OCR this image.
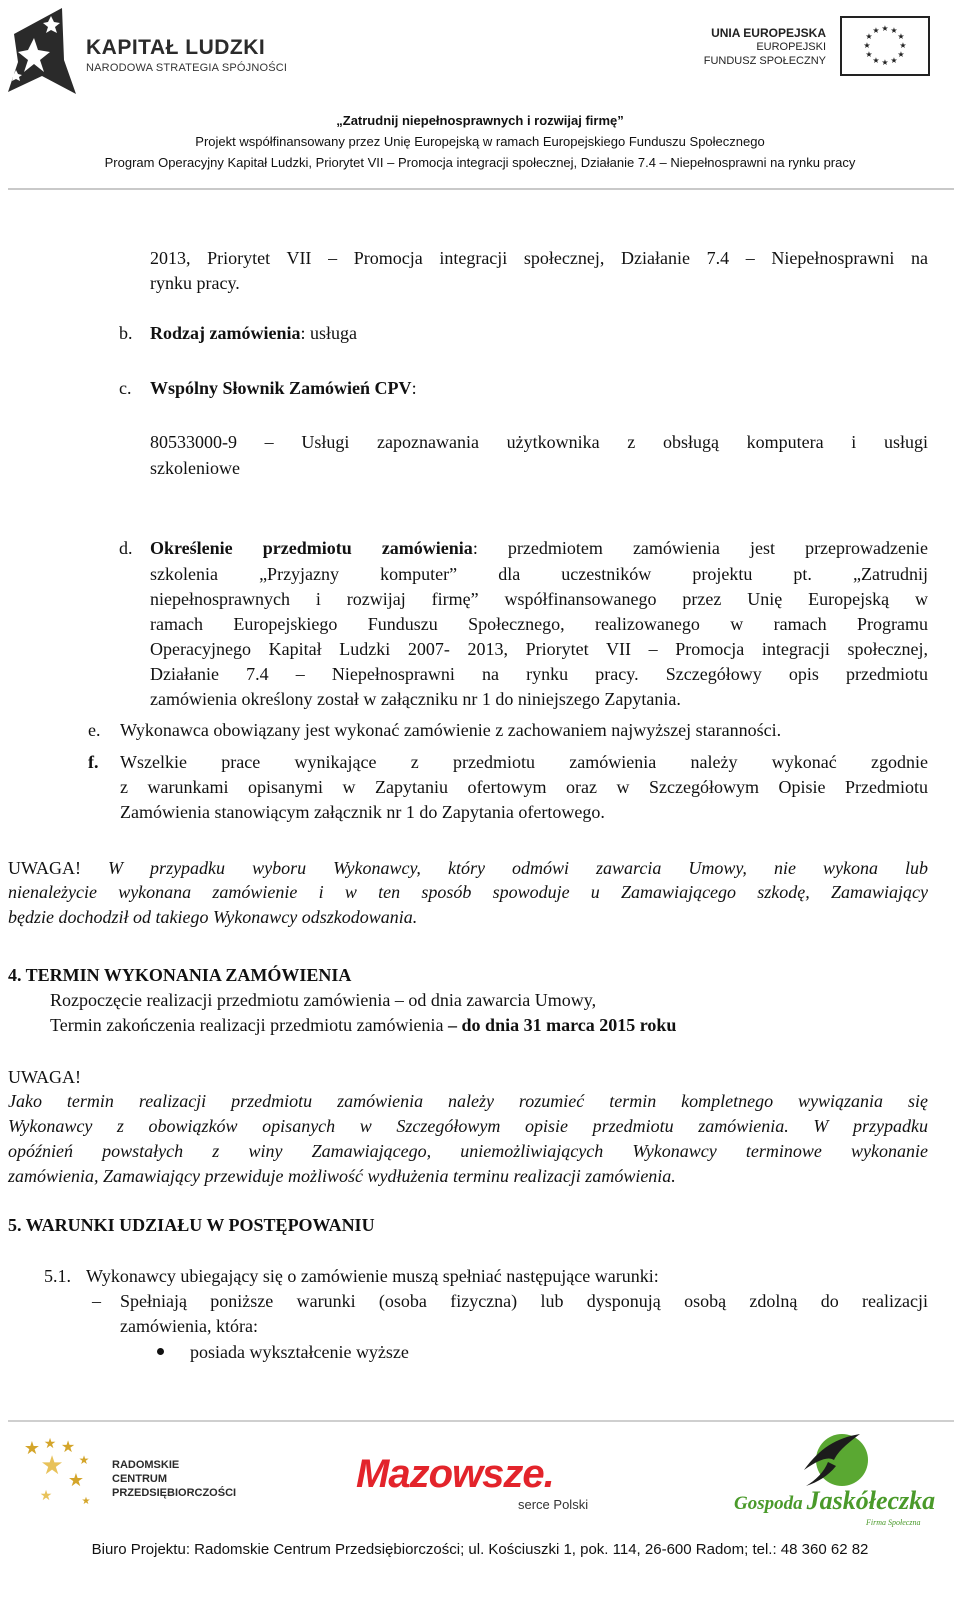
KAPITAŁ LUDZKI
NARODOWA STRATEGIA SPÓJNOŚCI
UNIA EUROPEJSKA
EUROPEJSKI
FUNDUSZ SPOŁECZNY
★ ★
★
★
★
★
★
★
★
★
★
★
„Zatrudnij niepełnosprawnych i rozwijaj firmę”
Projekt współfinansowany przez Unię Europejską w ramach Europejskiego Funduszu Społecznego
Program Operacyjny Kapitał Ludzki, Priorytet VII – Promocja integracji społecznej, Działanie 7.4 – Niepełnosprawni na rynku pracy
2013, Priorytet VII – Promocja integracji społecznej, Działanie 7.4 – Niepełnosprawni na
rynku pracy.
b. Rodzaj zamówienia: usługa
c. Wspólny Słownik Zamówień CPV:
80533000-9 – Usługi zapoznawania użytkownika z obsługą komputera i usługi
szkoleniowe
d. Określenie przedmiotu zamówienia: przedmiotem zamówienia jest przeprowadzenie
szkolenia „Przyjazny komputer” dla uczestników projektu pt. „Zatrudnij
niepełnosprawnych i rozwijaj firmę” współfinansowanego przez Unię Europejską w
ramach Europejskiego Funduszu Społecznego, realizowanego w ramach Programu
Operacyjnego Kapitał Ludzki 2007- 2013, Priorytet VII – Promocja integracji społecznej,
Działanie 7.4 – Niepełnosprawni na rynku pracy. Szczegółowy opis przedmiotu
zamówienia określony został w załączniku nr 1 do niniejszego Zapytania.
e. Wykonawca obowiązany jest wykonać zamówienie z zachowaniem najwyższej staranności.
f. Wszelkie prace wynikające z przedmiotu zamówienia należy wykonać zgodnie
z warunkami opisanymi w Zapytaniu ofertowym oraz w Szczegółowym Opisie Przedmiotu
Zamówienia stanowiącym załącznik nr 1 do Zapytania ofertowego.
UWAGA! W przypadku wyboru Wykonawcy, który odmówi zawarcia Umowy, nie wykona lub
nienależycie wykonana zamówienie i w ten sposób spowoduje u Zamawiającego szkodę, Zamawiający
będzie dochodził od takiego Wykonawcy odszkodowania.
4. TERMIN WYKONANIA ZAMÓWIENIA
Rozpoczęcie realizacji przedmiotu zamówienia – od dnia zawarcia Umowy,
Termin zakończenia realizacji przedmiotu zamówienia – do dnia 31 marca 2015 roku
UWAGA!
Jako termin realizacji przedmiotu zamówienia należy rozumieć termin kompletnego wywiązania się
Wykonawcy z obowiązków opisanych w Szczegółowym opisie przedmiotu zamówienia. W przypadku
opóźnień powstałych z winy Zamawiającego, uniemożliwiających Wykonawcy terminowe wykonanie
zamówienia, Zamawiający przewiduje możliwość wydłużenia terminu realizacji zamówienia.
5. WARUNKI UDZIAŁU W POSTĘPOWANIU
5.1. Wykonawcy ubiegający się o zamówienie muszą spełniać następujące warunki:
– Spełniają poniższe warunki (osoba fizyczna) lub dysponują osobą zdolną do realizacji
zamówienia, która:
posiada wykształcenie wyższe
★ ★ ★
★
★ ★
★	★
RADOMSKIE
CENTRUM
PRZEDSIĘBIORCZOŚCI	Mazowsze.
serce Polski	Gospoda Jaskółeczka
Firma Społeczna
Biuro Projektu: Radomskie Centrum Przedsiębiorczości; ul. Kościuszki 1, pok. 114, 26-600 Radom; tel.: 48 360 62 82
